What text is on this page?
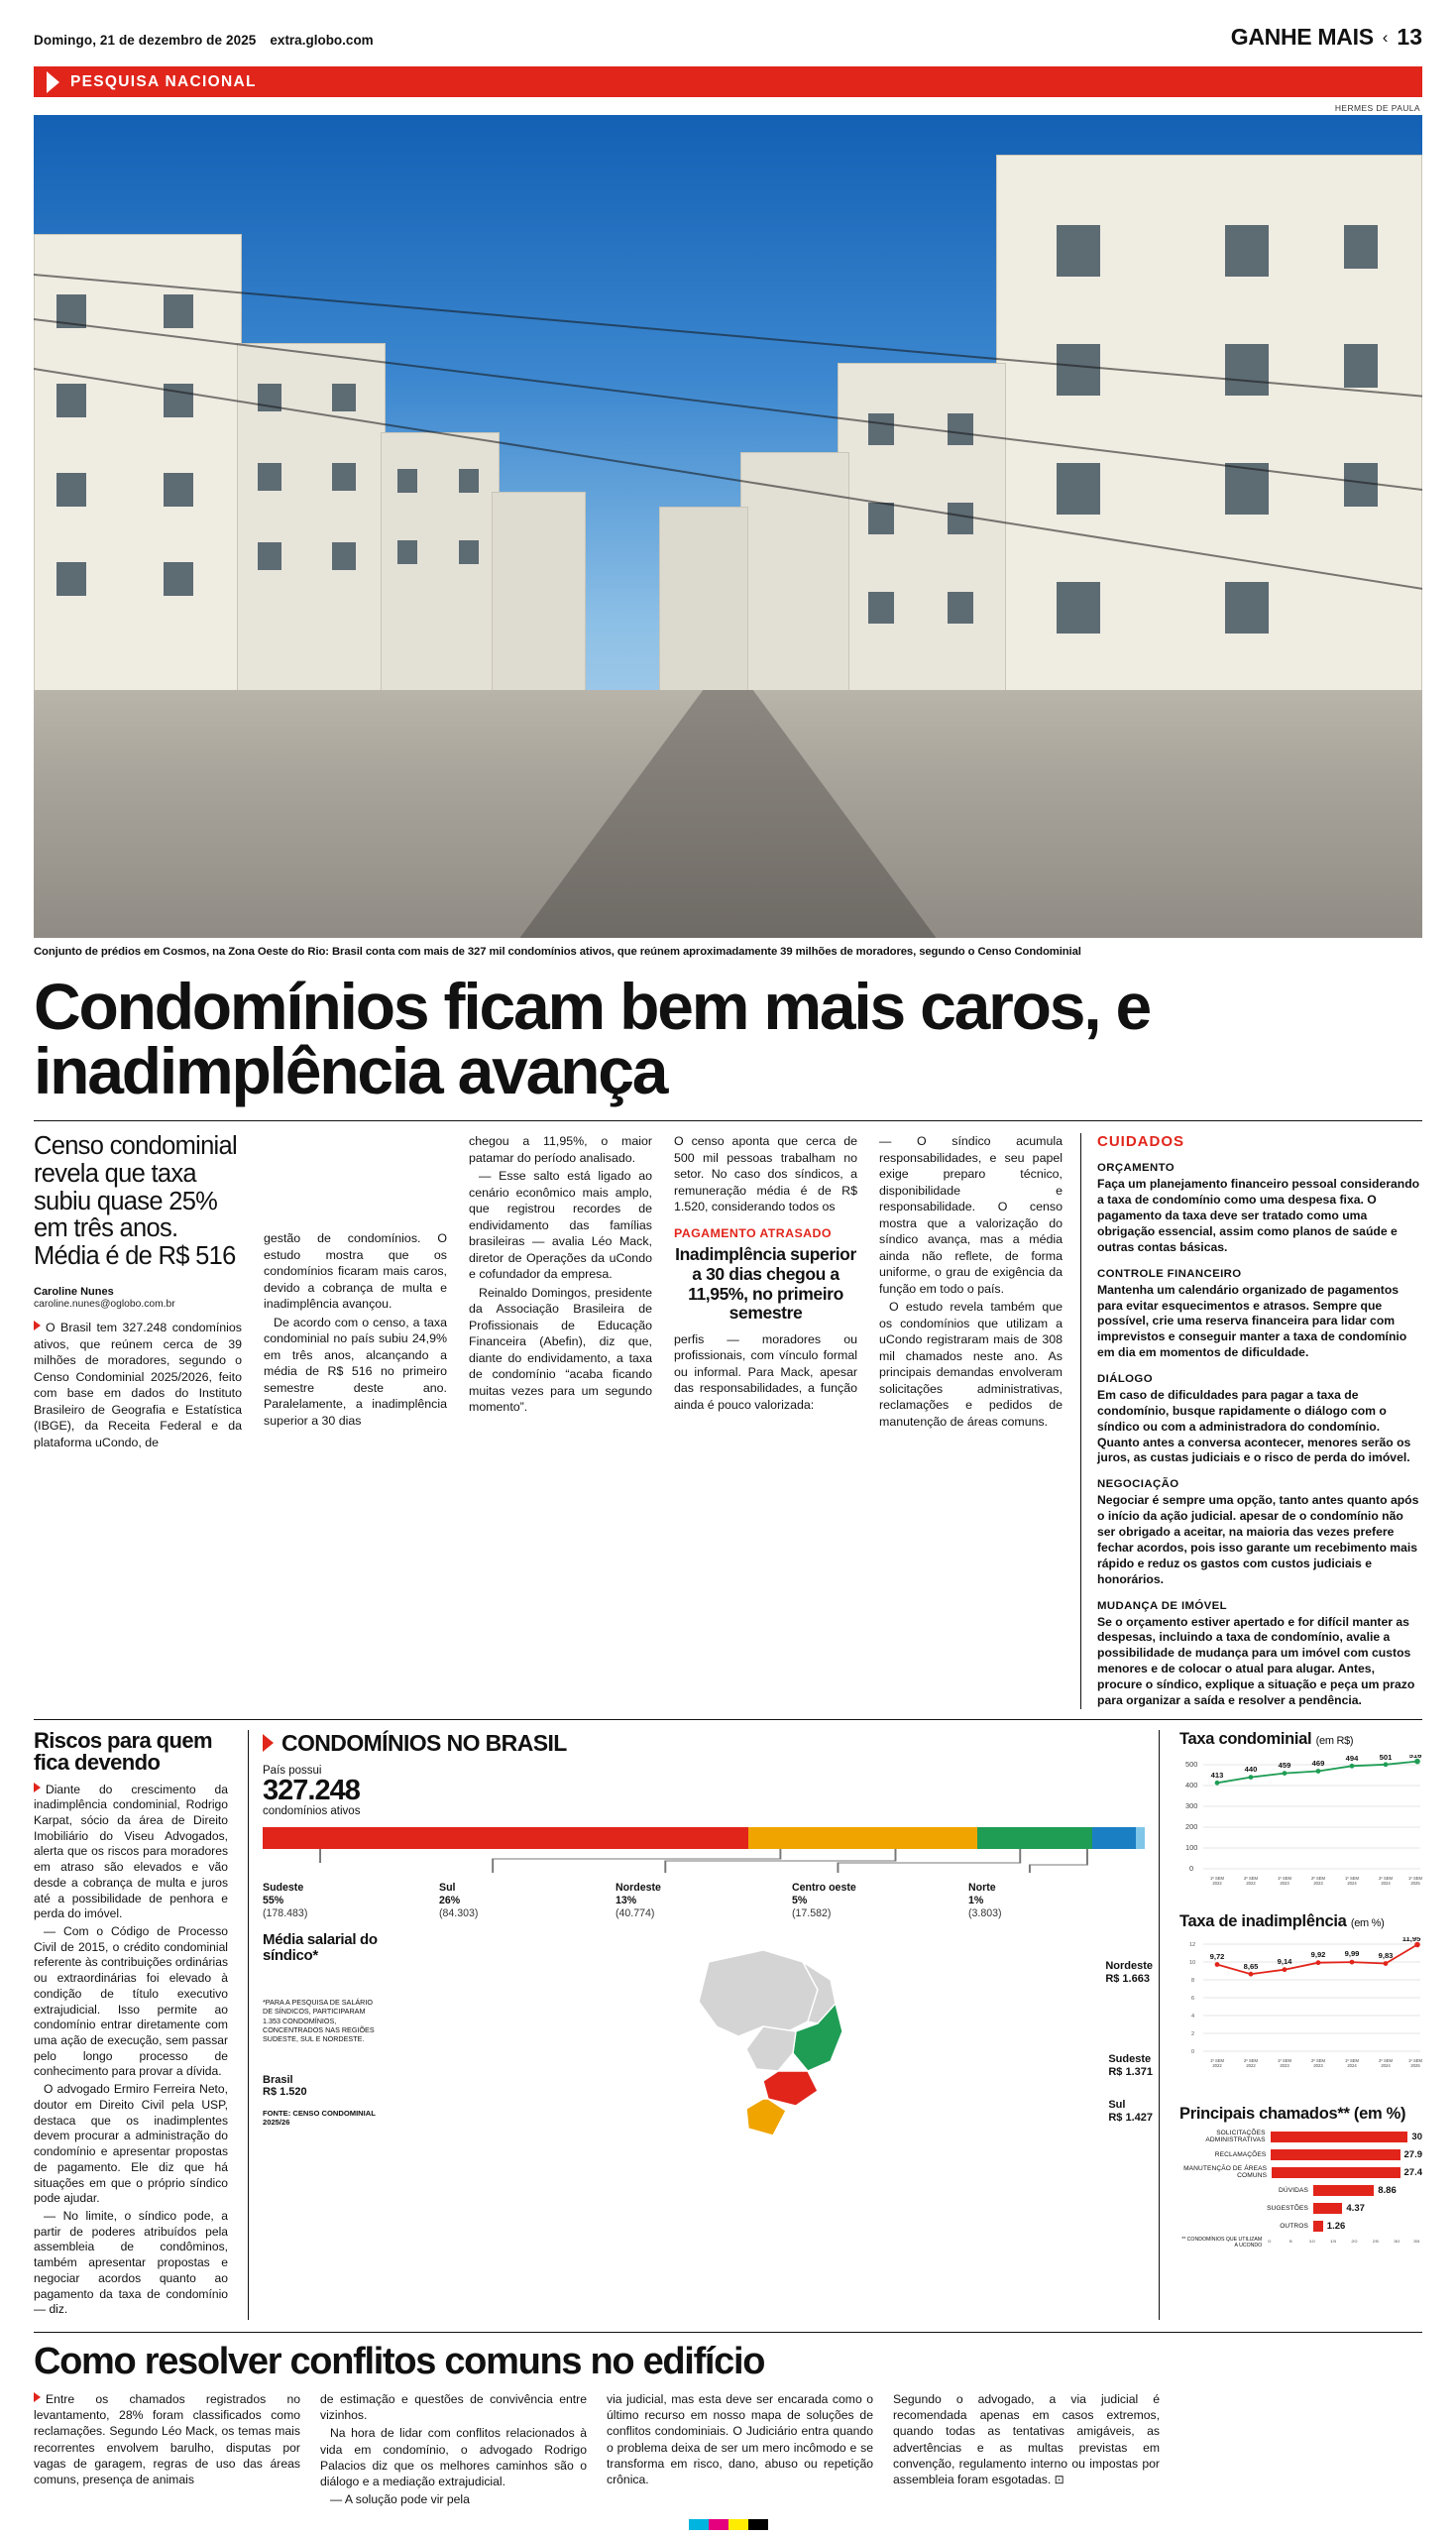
Domingo, 21 de dezembro de 2025 extra.globo.com	GANHE MAIS ‹ 13
PESQUISA NACIONAL
HERMES DE PAULA
Conjunto de prédios em Cosmos, na Zona Oeste do Rio: Brasil conta com mais de 327 mil condomínios ativos, que reúnem aproximadamente 39 milhões de moradores, segundo o Censo Condominial
Condomínios ficam bem mais caros, e inadimplência avança
Censo condominial revela que taxa subiu quase 25% em três anos. Média é de R$ 516
Caroline Nunes
caroline.nunes@oglobo.com.br

O Brasil tem 327.248 condomínios ativos, que reúnem cerca de 39 milhões de moradores, segundo o Censo Condominial 2025/2026, feito com base em dados do Instituto Brasileiro de Geografia e Estatística (IBGE), da Receita Federal e da plataforma uCondo, de

gestão de condomínios. O estudo mostra que os condomínios ficaram mais caros, devido a cobrança de multa e inadimplência avançou.

De acordo com o censo, a taxa condominial no país subiu 24,9% em três anos, alcançando a média de R$ 516 no primeiro semestre deste ano. Paralelamente, a inadimplência superior a 30 dias

chegou a 11,95%, o maior patamar do período analisado.

— Esse salto está ligado ao cenário econômico mais amplo, que registrou recordes de endividamento das famílias brasileiras — avalia Léo Mack, diretor de Operações da uCondo e cofundador da empresa.

Reinaldo Domingos, presidente da Associação Brasileira de Profissionais de Educação Financeira (Abefin), diz que, diante do endividamento, a taxa de condomínio “acaba ficando muitas vezes para um segundo momento”.

O censo aponta que cerca de 500 mil pessoas trabalham no setor. No caso dos síndicos, a remuneração média é de R$ 1.520, considerando todos os

PAGAMENTO ATRASADO
Inadimplência superior a 30 dias chegou a 11,95%, no primeiro semestre

perfis — moradores ou profissionais, com vínculo formal ou informal. Para Mack, apesar das responsabilidades, a função ainda é pouco valorizada:

— O síndico acumula responsabilidades, e seu papel exige preparo técnico, disponibilidade e responsabilidade. O censo mostra que a valorização do síndico avança, mas a média ainda não reflete, de forma uniforme, o grau de exigência da função em todo o país.

O estudo revela também que os condomínios que utilizam a uCondo registraram mais de 308 mil chamados neste ano. As principais demandas envolveram solicitações administrativas, reclamações e pedidos de manutenção de áreas comuns.

CUIDADOS
ORÇAMENTO
Faça um planejamento financeiro pessoal considerando a taxa de condomínio como uma despesa fixa. O pagamento da taxa deve ser tratado como uma obrigação essencial, assim como planos de saúde e outras contas básicas.
CONTROLE FINANCEIRO
Mantenha um calendário organizado de pagamentos para evitar esquecimentos e atrasos. Sempre que possível, crie uma reserva financeira para lidar com imprevistos e conseguir manter a taxa de condomínio em dia em momentos de dificuldade.
DIÁLOGO
Em caso de dificuldades para pagar a taxa de condomínio, busque rapidamente o diálogo com o síndico ou com a administradora do condomínio. Quanto antes a conversa acontecer, menores serão os juros, as custas judiciais e o risco de perda do imóvel.
NEGOCIAÇÃO
Negociar é sempre uma opção, tanto antes quanto após o início da ação judicial. apesar de o condomínio não ser obrigado a aceitar, na maioria das vezes prefere fechar acordos, pois isso garante um recebimento mais rápido e reduz os gastos com custos judiciais e honorários.
MUDANÇA DE IMÓVEL
Se o orçamento estiver apertado e for difícil manter as despesas, incluindo a taxa de condomínio, avalie a possibilidade de mudança para um imóvel com custos menores e de colocar o atual para alugar. Antes, procure o síndico, explique a situação e peça um prazo para organizar a saída e resolver a pendência.
Riscos para quem fica devendo

Diante do crescimento da inadimplência condominial, Rodrigo Karpat, sócio da área de Direito Imobiliário do Viseu Advogados, alerta que os riscos para moradores em atraso são elevados e vão desde a cobrança de multa e juros até a possibilidade de penhora e perda do imóvel.

— Com o Código de Processo Civil de 2015, o crédito condominial referente às contribuições ordinárias ou extraordinárias foi elevado à condição de título executivo extrajudicial. Isso permite ao condomínio entrar diretamente com uma ação de execução, sem passar pelo longo processo de conhecimento para provar a dívida.

O advogado Ermiro Ferreira Neto, doutor em Direito Civil pela USP, destaca que os inadimplentes devem procurar a administração do condomínio e apresentar propostas de pagamento. Ele diz que há situações em que o próprio síndico pode ajudar.

— No limite, o síndico pode, a partir de poderes atribuídos pela assembleia de condôminos, também apresentar propostas e negociar acordos quanto ao pagamento da taxa de condomínio — diz.

CONDOMÍNIOS NO BRASIL
País possui
327.248
condomínios ativos
Sudeste
55%
(178.483)
Sul
26%
(84.303)
Nordeste
13%
(40.774)
Centro oeste
5%
(17.582)
Norte
1%
(3.803)
Média salarial do síndico*
*PARA A PESQUISA DE SALÁRIO DE SÍNDICOS, PARTICIPARAM 1.353 CONDOMÍNIOS, CONCENTRADOS NAS REGIÕES SUDESTE, SUL E NORDESTE.
Brasil
R$ 1.520
FONTE: CENSO CONDOMINIAL 2025/26
Nordeste
R$ 1.663
Sudeste
R$ 1.371
Sul
R$ 1.427
Taxa condominial (em R$)
0
100
200
300
400
500
413
440	459	469
494	501 516
1º SEM
2022
2º SEM
2022
1º SEM
2023
2º SEM
2023
1º SEM
2024
2º SEM
2024
1º SEM
2025
Taxa de inadimplência (em %)
0
2
4
6
8
10
12
9,72
8,65
9,14
9,92	9,99	9,83
11,95
1º SEM
2022
2º SEM
2022
1º SEM
2023
2º SEM
2023
1º SEM
2024
2º SEM
2024
1º SEM
2025
Principais chamados** (em %)
SOLICITAÇÕES ADMINISTRATIVAS	30
RECLAMAÇÕES	27.9
MANUTENÇÃO DE ÁREAS COMUNS	27.4
DÚVIDAS	8.86
SUGESTÕES	4.37
OUTROS	1.26
** CONDOMÍNIOS QUE UTILIZAM A UCONDO
0	5	10	15	20	25	30	35
Como resolver conflitos comuns no edifício

Entre os chamados registrados no levantamento, 28% foram classificados como reclamações. Segundo Léo Mack, os temas mais recorrentes envolvem barulho, disputas por vagas de garagem, regras de uso das áreas comuns, presença de animais

de estimação e questões de convivência entre vizinhos.

Na hora de lidar com conflitos relacionados à vida em condomínio, o advogado Rodrigo Palacios diz que os melhores caminhos são o diálogo e a mediação extrajudicial.

— A solução pode vir pela

via judicial, mas esta deve ser encarada como o último recurso em nosso mapa de soluções de conflitos condominiais. O Judiciário entra quando o problema deixa de ser um mero incômodo e se transforma em risco, dano, abuso ou repetição crônica.

Segundo o advogado, a via judicial é recomendada apenas em casos extremos, quando todas as tentativas amigáveis, as advertências e as multas previstas em convenção, regulamento interno ou impostas por assembleia foram esgotadas. ⊡
